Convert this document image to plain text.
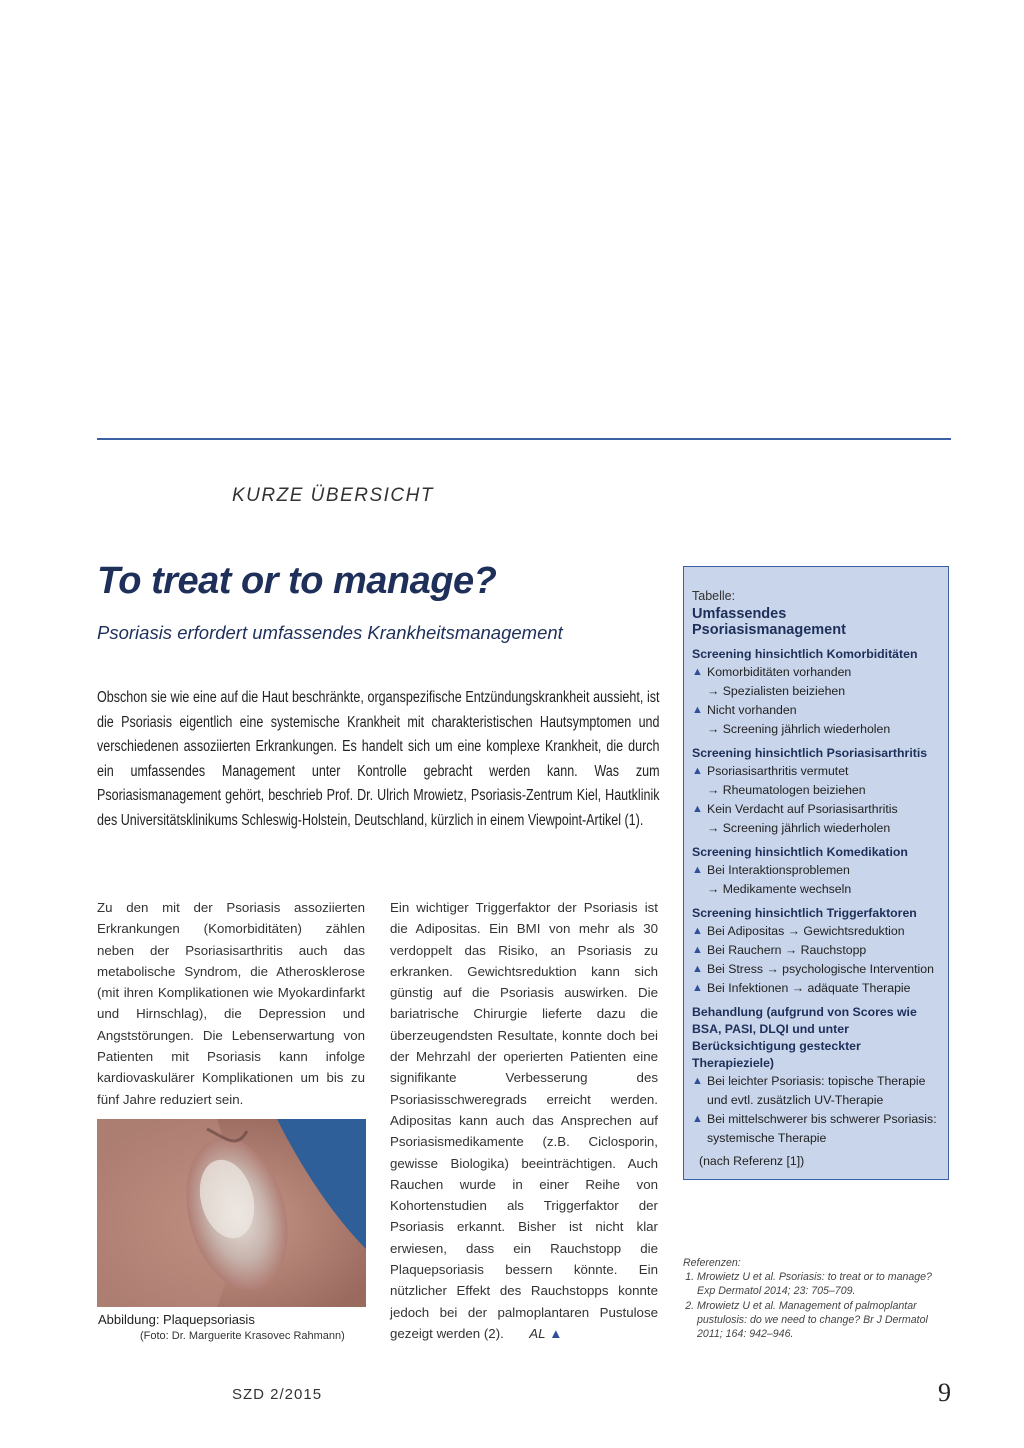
KURZE ÜBERSICHT
To treat or to manage?
Psoriasis erfordert umfassendes Krankheitsmanagement
Obschon sie wie eine auf die Haut beschränkte, organspezifische Entzündungskrankheit aussieht, ist die Psoriasis eigentlich eine systemische Krankheit mit charakteristischen Hautsymptomen und verschiedenen assoziierten Erkrankungen. Es handelt sich um eine komplexe Krankheit, die durch ein umfassendes Management unter Kontrolle gebracht werden kann. Was zum Psoriasismanagement gehört, beschrieb Prof. Dr. Ulrich Mrowietz, Psoriasis-Zentrum Kiel, Hautklinik des Universitätsklinikums Schleswig-Holstein, Deutschland, kürzlich in einem Viewpoint-Artikel (1).
Zu den mit der Psoriasis assoziierten Erkrankungen (Komorbiditäten) zählen neben der Psoriasisarthritis auch das metabolische Syndrom, die Atherosklerose (mit ihren Komplikationen wie Myokardinfarkt und Hirnschlag), die Depression und Angststörungen. Die Lebenserwartung von Patienten mit Psoriasis kann infolge kardiovaskulärer Komplikationen um bis zu fünf Jahre reduziert sein.
Abbildung: Plaquepsoriasis
(Foto: Dr. Marguerite Krasovec Rahmann)
Ein wichtiger Triggerfaktor der Psoriasis ist die Adipositas. Ein BMI von mehr als 30 verdoppelt das Risiko, an Psoriasis zu erkranken. Gewichtsreduktion kann sich günstig auf die Psoriasis auswirken. Die bariatrische Chirurgie lieferte dazu die überzeugendsten Resultate, konnte doch bei der Mehrzahl der operierten Patienten eine signifikante Verbesserung des Psoriasisschweregrads erreicht werden. Adipositas kann auch das Ansprechen auf Psoriasismedikamente (z.B. Ciclosporin, gewisse Biologika) beeinträchtigen. Auch Rauchen wurde in einer Reihe von Kohortenstudien als Triggerfaktor der Psoriasis erkannt. Bisher ist nicht klar erwiesen, dass ein Rauchstopp die Plaquepsoriasis bessern könnte. Ein nützlicher Effekt des Rauchstopps konnte jedoch bei der palmoplantaren Pustulose gezeigt werden (2). AL ▲
Tabelle:
Umfassendes Psoriasismanagement
Screening hinsichtlich Komorbiditäten
▲ Komorbiditäten vorhanden
→ Spezialisten beiziehen
▲ Nicht vorhanden
→ Screening jährlich wiederholen
Screening hinsichtlich Psoriasisarthritis
▲ Psoriasisarthritis vermutet
→ Rheumatologen beiziehen
▲ Kein Verdacht auf Psoriasisarthritis
→ Screening jährlich wiederholen
Screening hinsichtlich Komedikation
▲ Bei Interaktionsproblemen
→ Medikamente wechseln
Screening hinsichtlich Triggerfaktoren
▲ Bei Adipositas → Gewichtsreduktion
▲ Bei Rauchern → Rauchstopp
▲ Bei Stress → psychologische Intervention
▲ Bei Infektionen → adäquate Therapie
Behandlung (aufgrund von Scores wie BSA, PASI, DLQI und unter Berücksichtigung gesteckter Therapieziele)
▲ Bei leichter Psoriasis: topische Therapie und evtl. zusätzlich UV-Therapie
▲ Bei mittelschwerer bis schwerer Psoriasis: systemische Therapie
(nach Referenz [1])
Referenzen:
1. Mrowietz U et al. Psoriasis: to treat or to manage? Exp Dermatol 2014; 23: 705–709.
2. Mrowietz U et al. Management of palmoplantar pustulosis: do we need to change? Br J Dermatol 2011; 164: 942–946.
SZD 2/2015	9
